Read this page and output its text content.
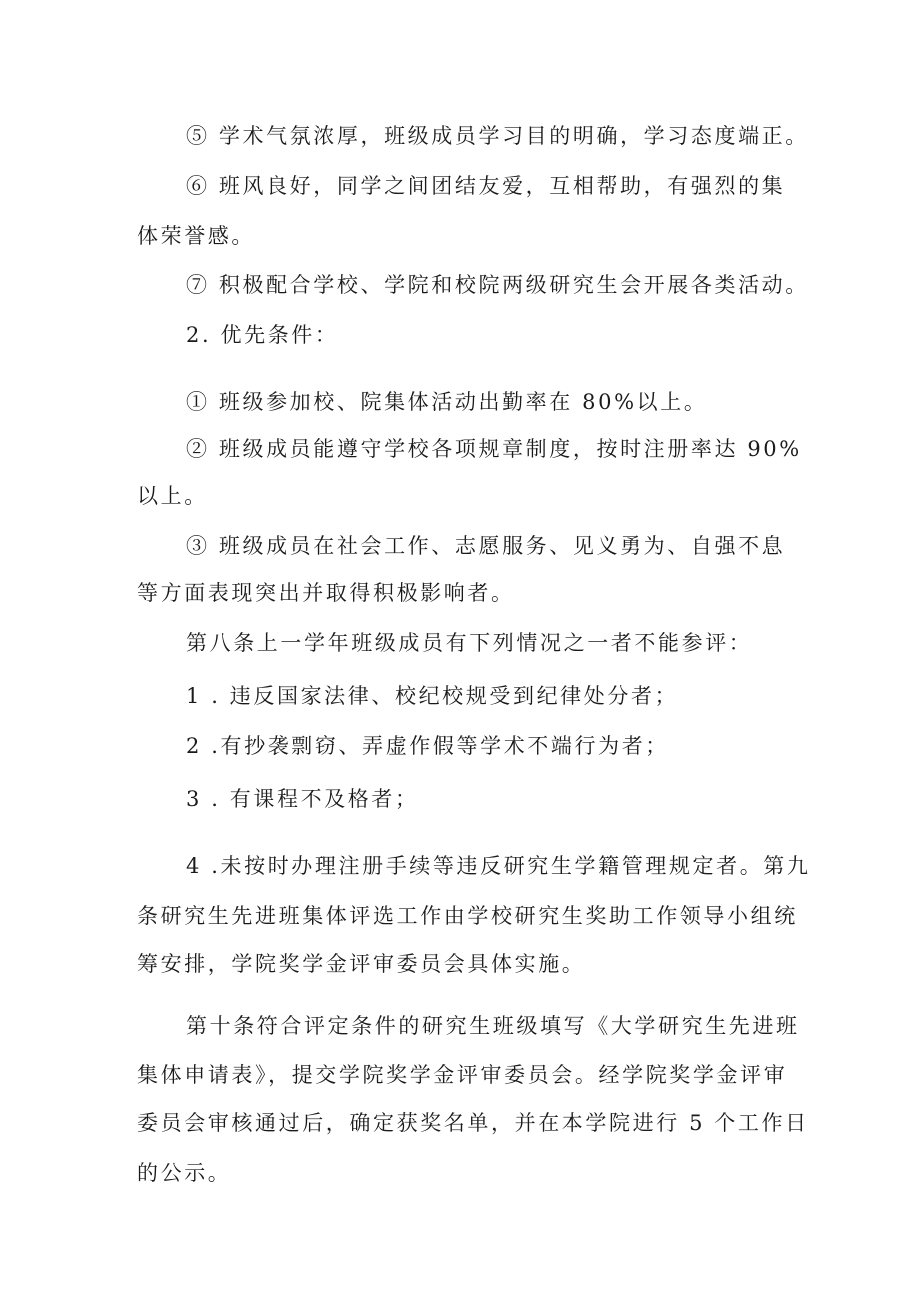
⑤ 学术气氛浓厚，班级成员学习目的明确，学习态度端正。
⑥ 班风良好，同学之间团结友爱，互相帮助，有强烈的集
体荣誉感。
⑦ 积极配合学校、学院和校院两级研究生会开展各类活动。
2. 优先条件：
① 班级参加校、院集体活动出勤率在 80%以上。
② 班级成员能遵守学校各项规章制度，按时注册率达 90%
以上。
③ 班级成员在社会工作、志愿服务、见义勇为、自强不息
等方面表现突出并取得积极影响者。
第八条上一学年班级成员有下列情况之一者不能参评：
1 . 违反国家法律、校纪校规受到纪律处分者；
2 .有抄袭剽窃、弄虚作假等学术不端行为者；
3 . 有课程不及格者；
4 .未按时办理注册手续等违反研究生学籍管理规定者。第九
条研究生先进班集体评选工作由学校研究生奖助工作领导小组统
筹安排，学院奖学金评审委员会具体实施。
第十条符合评定条件的研究生班级填写《大学研究生先进班
集体申请表》，提交学院奖学金评审委员会。经学院奖学金评审
委员会审核通过后，确定获奖名单，并在本学院进行 5 个工作日
的公示。
